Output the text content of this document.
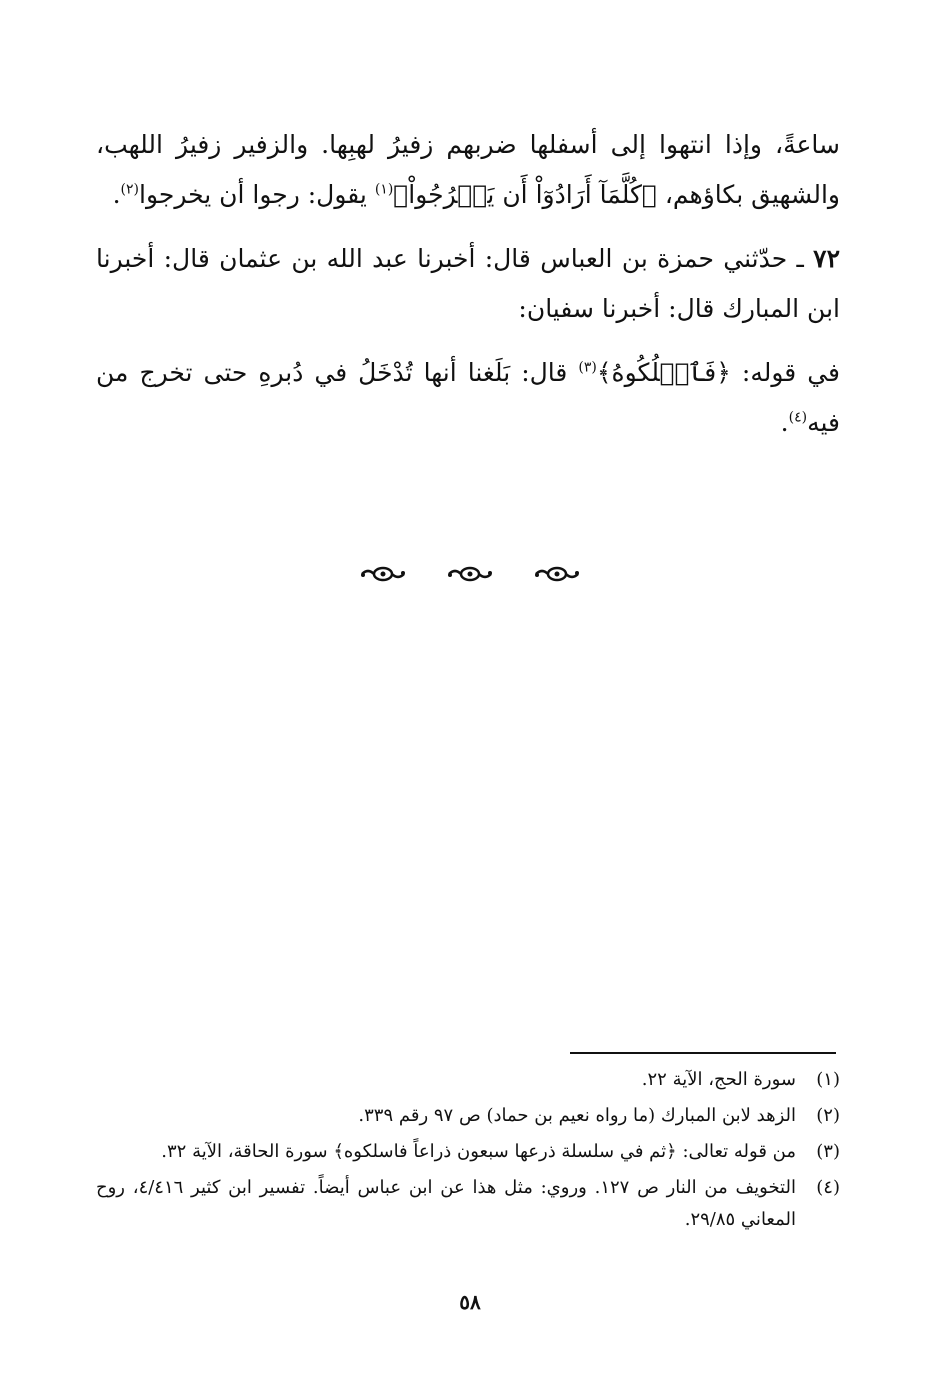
ساعةً، وإذا انتهوا إلى أسفلها ضربهم زفيرُ لهبِها. والزفير زفيرُ اللهب، والشهيق بكاؤهم، ﴿كُلَّمَآ أَرَادُوٓاْ أَن يَخۡرُجُواْ﴾$^{(١)}$ يقول: رجوا أن يخرجوا$^{(٢)}$.

٧٢ ـ حدّثني حمزة بن العباس قال: أخبرنا عبد الله بن عثمان قال: أخبرنا ابن المبارك قال: أخبرنا سفيان:

في قوله: ﴿فَٱسۡلُكُوهُ﴾$^{(٣)}$ قال: بَلَغنا أنها تُدْخَلُ في دُبرهِ حتى تخرج من فيه$^{(٤)}$.

(١)
سورة الحج، الآية ٢٢.
(٢)
الزهد لابن المبارك (ما رواه نعيم بن حماد) ص ٩٧ رقم ٣٣٩.
(٣)
من قوله تعالى: ﴿ثم في سلسلة ذرعها سبعون ذراعاً فاسلكوه﴾ سورة الحاقة، الآية ٣٢.
(٤)
التخويف من النار ص ١٢٧. وروي: مثل هذا عن ابن عباس أيضاً. تفسير ابن كثير ٤/٤١٦، روح المعاني ٢٩/٨٥.
٥٨
